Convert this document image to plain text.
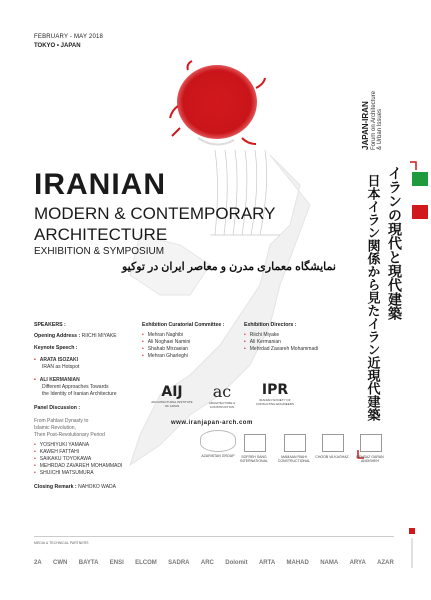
FEBRUARY - MAY 2018
TOKYO • JAPAN
JAPAN-IRAN Forum on Architecture & Urban Issues
イランの現代と現代建築
日本イラン関係から見たイラン近現代建築
IRANIAN
MODERN & CONTEMPORARY
ARCHITECTURE
EXHIBITION & SYMPOSIUM
نمایشگاه معماری مدرن و معاصر ایران در توکیو
SPEAKERS :
Opening Address : RIICHI MIYAKE
Keynote Speech :
• ARATA ISOZAKI
IRAN as Hotspot
• ALI KERMANIAN
Different Approaches Towards
the Identity of Iranian Architecture
Panel Discussion :
From Pahlavi Dynasty to
Islamic Revolution,
Then Post-Revolutionary Period
• YOSHIYUKI YAMANA
• KAWEH FATTAHI
• SAIKAKU TOYOKAWA
• MEHRDAD ZAVAREH MOHAMMADI
• SHUICHI MATSUMURA
Closing Remark : NAHOKO WADA
Exhibition Curatorial Committee :
• Mehran Naghibi
• Ali Noghaei Namini
• Shahab Mirzaeian
• Mehran Gharleghi
Exhibition Directors :
• Riichi Miyake
• Ali Kermanian
• Mehrdad Zavareh Mohammadi
AIJ
ARCHITECTURAL INSTITUTE OF JAPAN
ac
ARCHITECTURE & CONSTRUCTION
IPR
IRANIAN SOCIETY OF CONSULTING ENGINEERS
www.iranjapan-arch.com
AZARISTAN GROUP	SOFREH SANG INTERNATIONAL
MAMAAN RIAHI CONSTRUCTIONAL
CHOOB VA KAGHAZ	BEHSAZ GARAN ANDISHEH
MEDIA & TECHNICAL PARTNERS
2A CWN BAYTA ENSI ELCOM SADRA ARC Dolomit ARTA MAHAD NAMA ARYA AZAR
